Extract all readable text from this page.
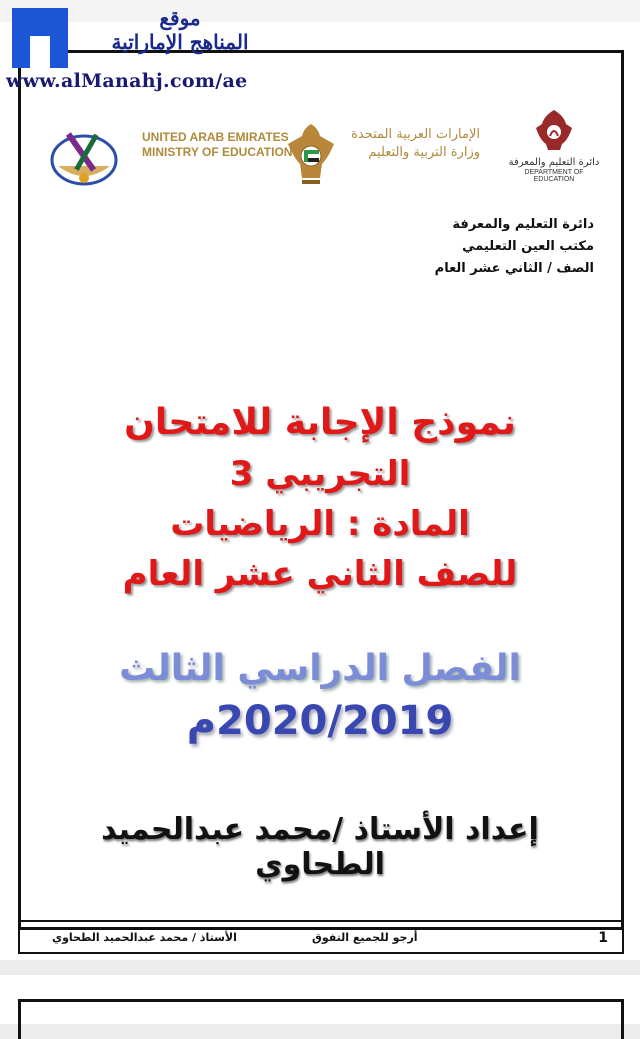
UNITED ARAB EMIRATES
MINISTRY OF EDUCATION
الإمارات العربية المتحدة
وزارة التربية والتعليم
دائرة التعليم والمعرفة
DEPARTMENT OF EDUCATION
دائرة التعليم والمعرفة
مكتب العين التعليمي
الصف / الثاني عشر العام
نموذج الإجابة للامتحان
التجريبي 3
المادة : الرياضيات
للصف الثاني عشر العام
الفصل الدراسي الثالث
2020/2019م
إعداد الأستاذ /محمد عبدالحميد الطحاوي
1
أرجو للجميع التفوق
الأستاذ / محمد عبدالحميد الطحاوي
موقع
المناهج الإماراتية
www.alManahj.com/ae
